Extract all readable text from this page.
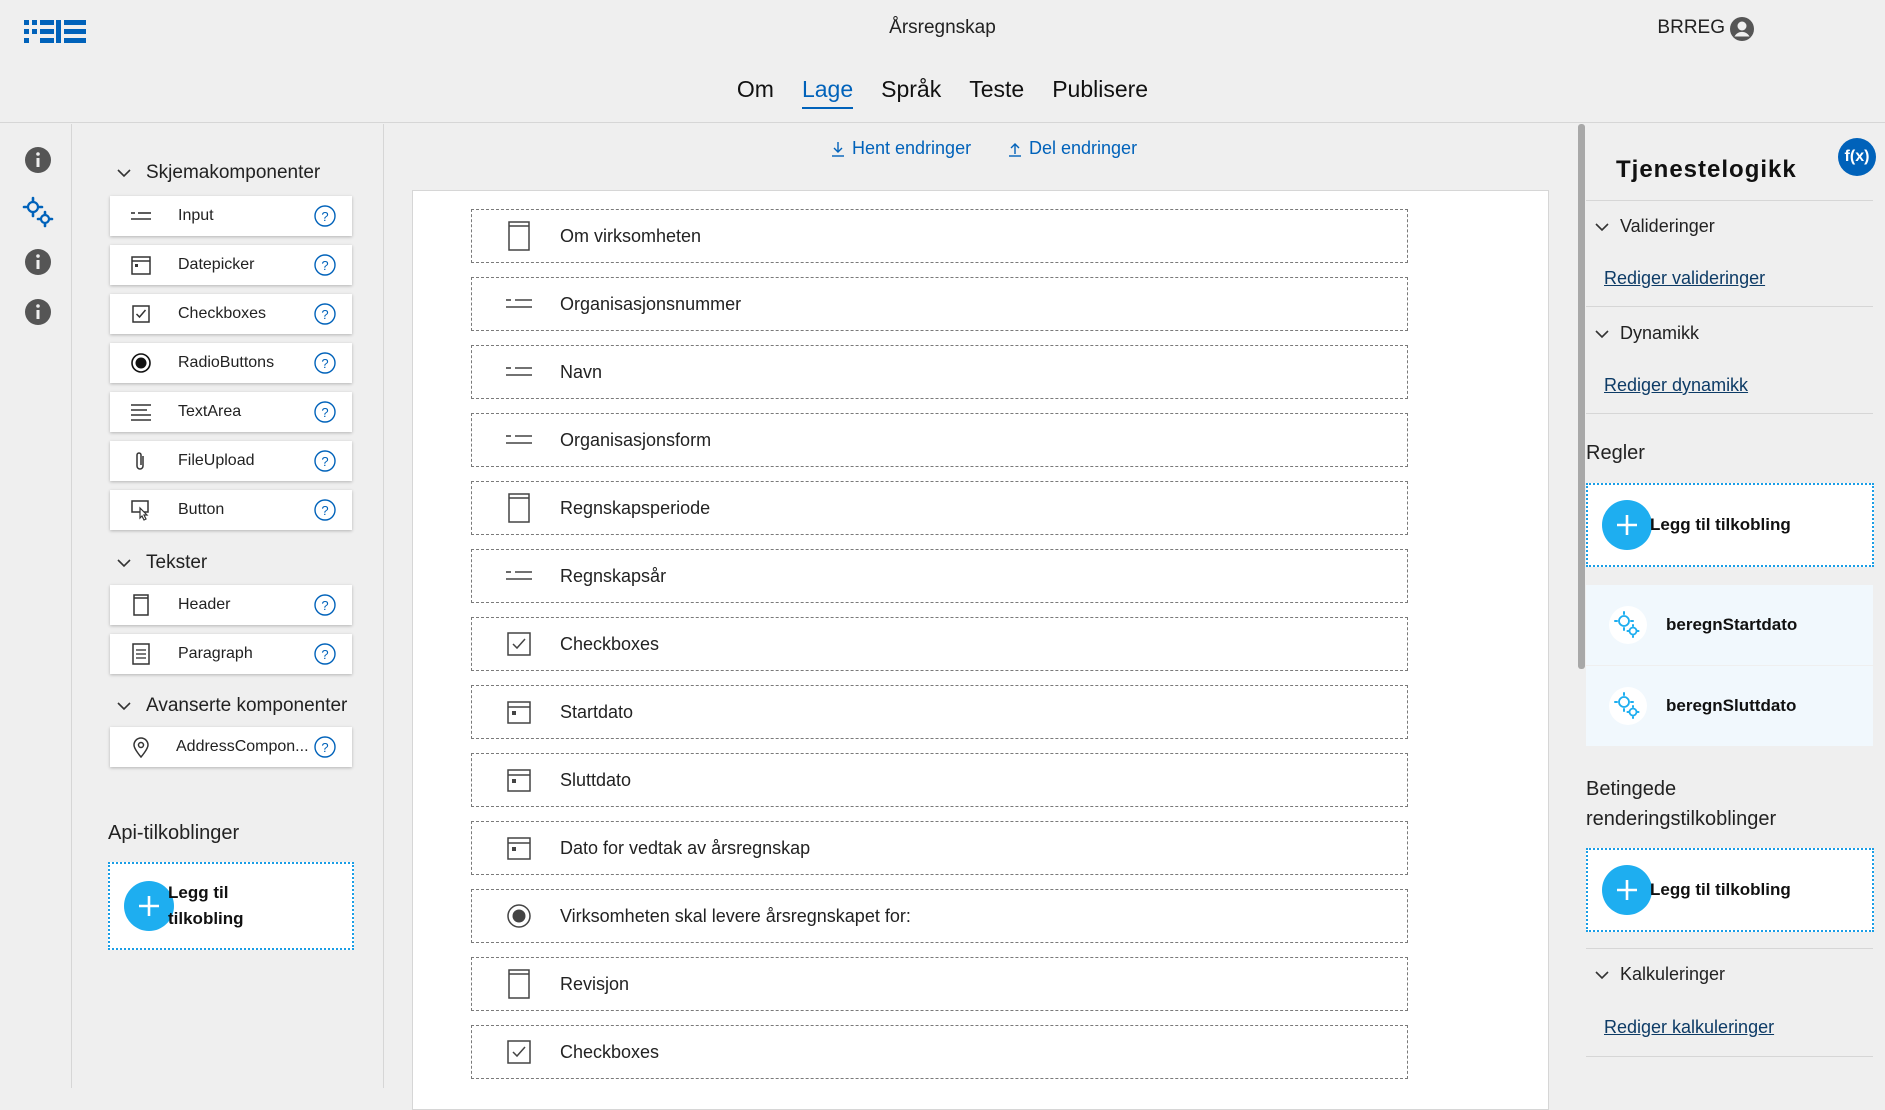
Årsregnskap	BRREG
Om Lage Språk Teste Publisere
Skjemakomponenter
Input	?
Datepicker	?
Checkboxes	?
RadioButtons	?
TextArea	?
FileUpload	?
Button	?
Tekster
Header	?
Paragraph	?
Avanserte komponenter
AddressCompon... ?
Api-tilkoblinger
Legg til
tilkobling
Hent endringer	Del endringer
Om virksomheten
Organisasjonsnummer
Navn
Organisasjonsform
Regnskapsperiode
Regnskapsår
Checkboxes
Startdato
Sluttdato
Dato for vedtak av årsregnskap
Virksomheten skal levere årsregnskapet for:
Revisjon
Checkboxes
f(x)
Tjenestelogikk
Valideringer
Rediger valideringer
Dynamikk
Rediger dynamikk
Regler
Legg til tilkobling
beregnStartdato
beregnSluttdato
Betingede
renderingstilkoblinger
Legg til tilkobling
Kalkuleringer
Rediger kalkuleringer
